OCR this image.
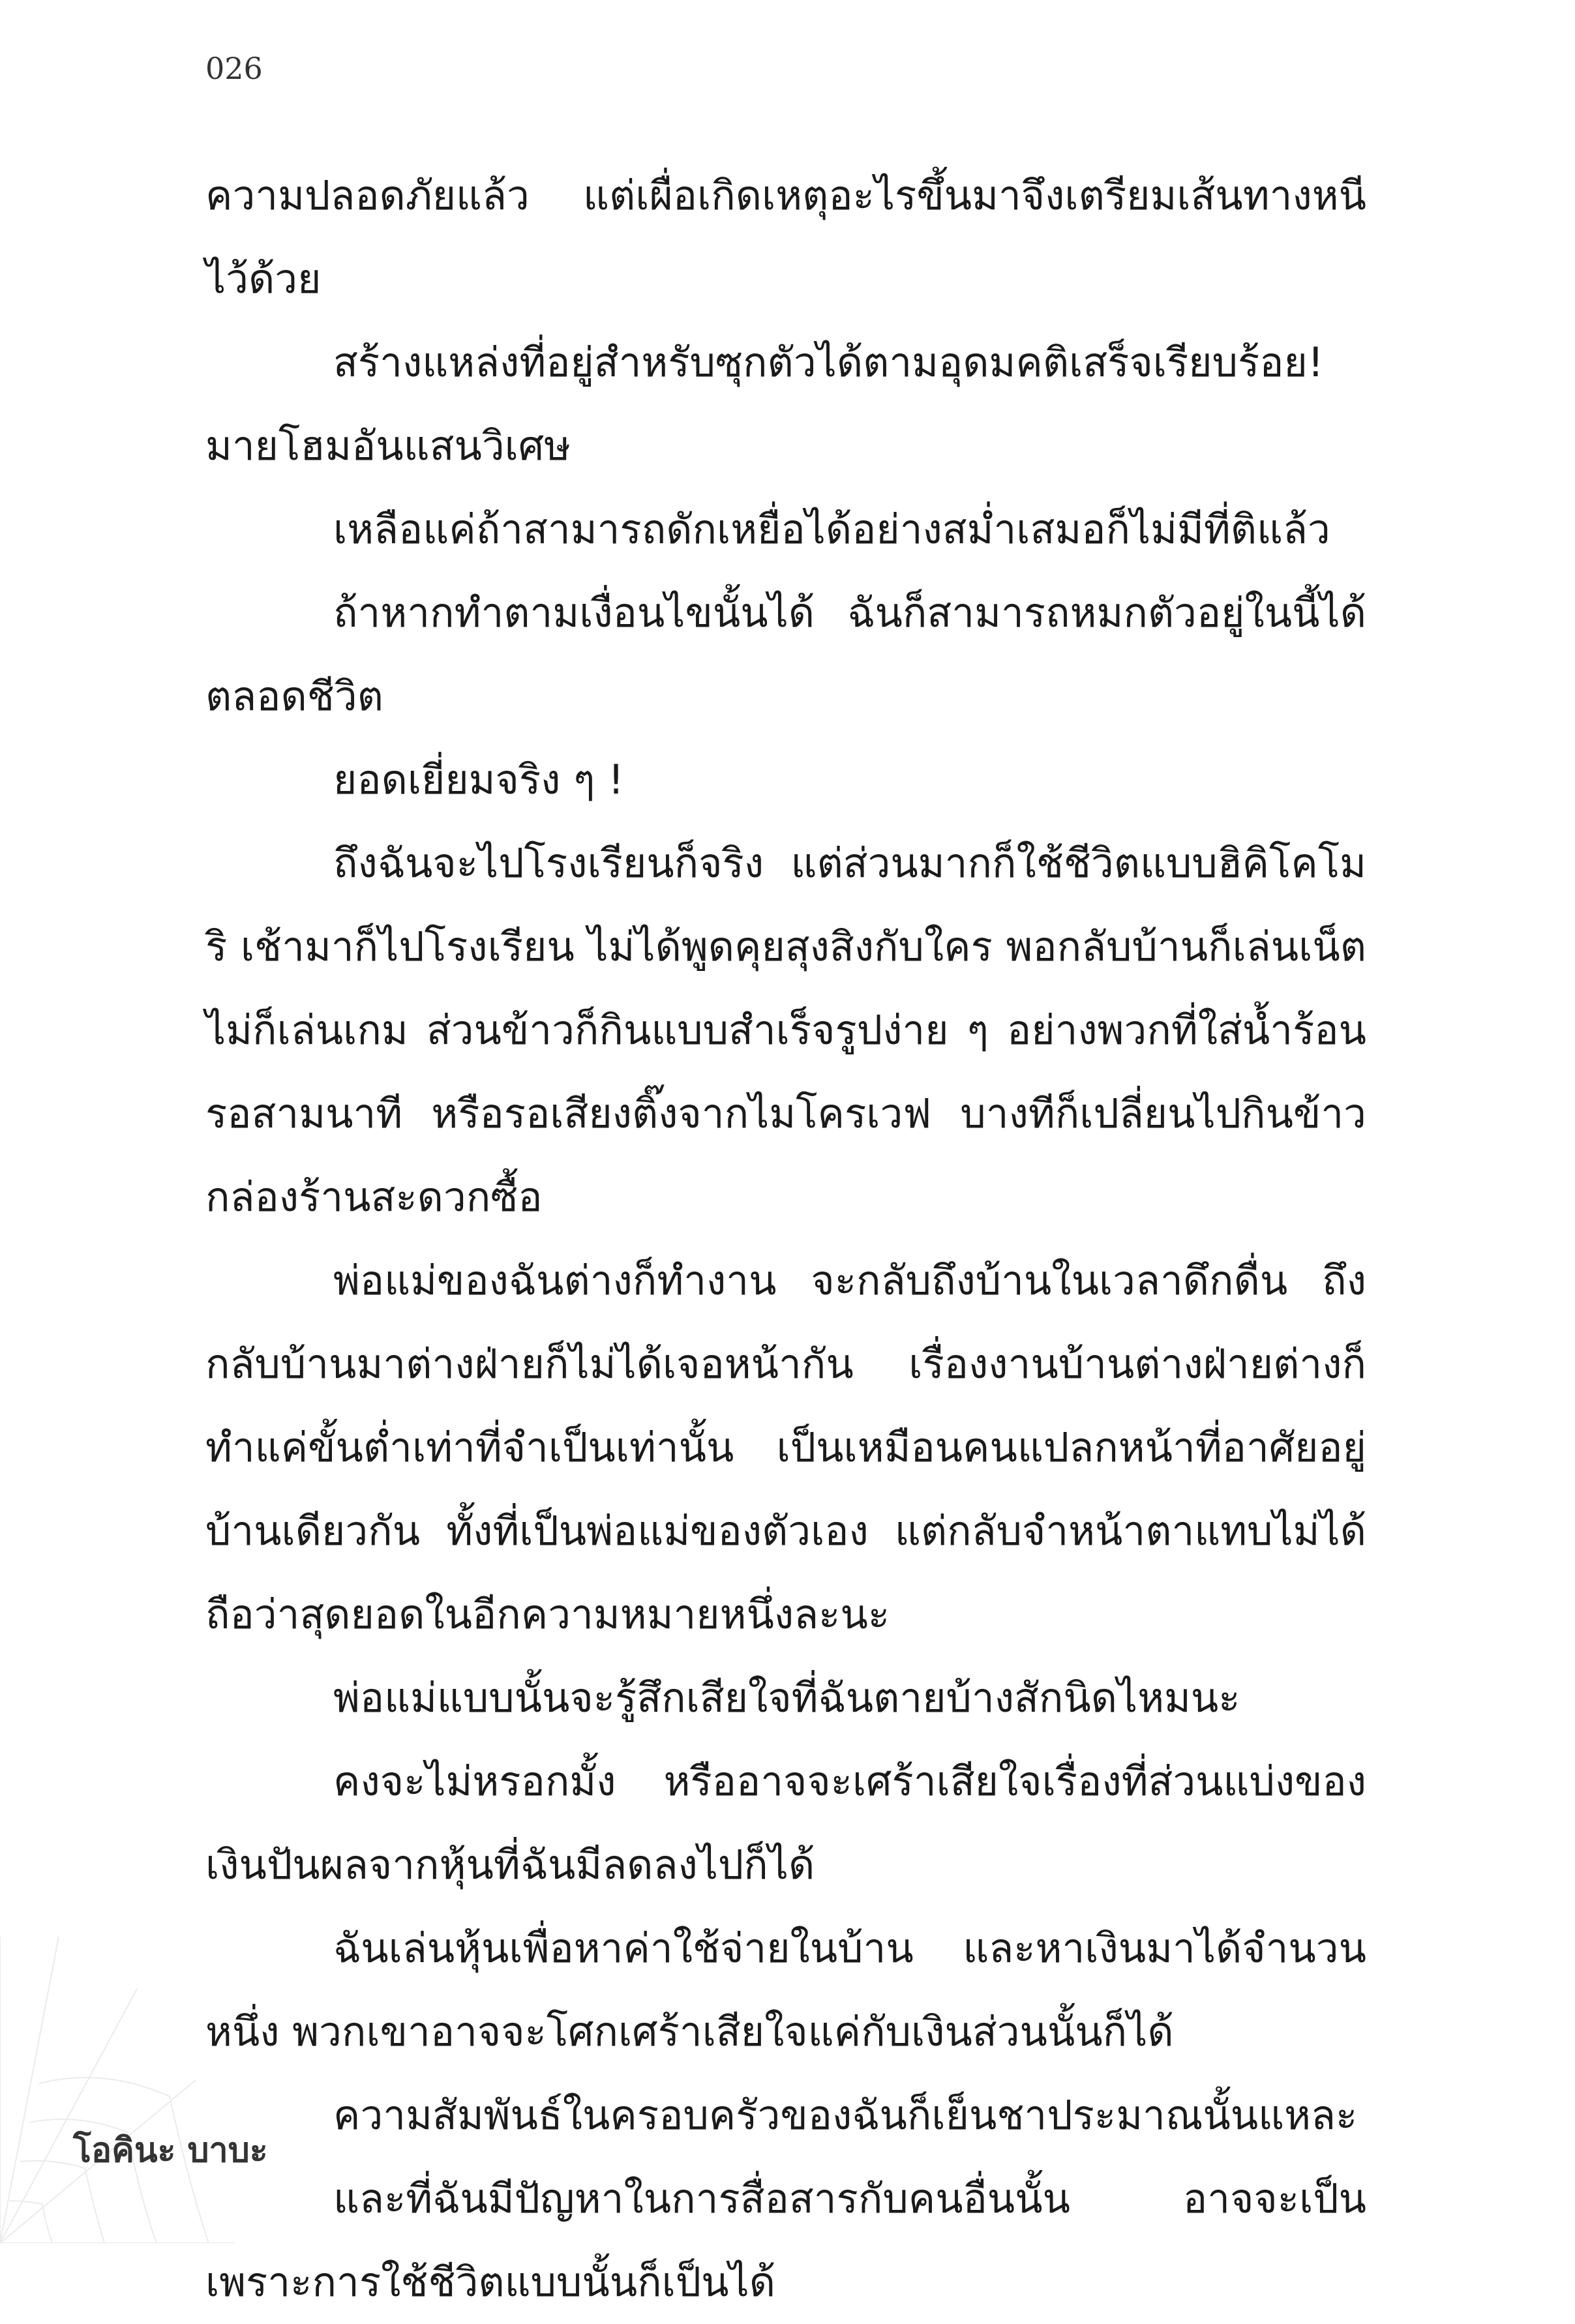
026

ความปลอดภัยแล้ว แต่เผื่อเกิดเหตุอะไรขึ้นมาจึงเตรียมเส้นทางหนีไว้ด้วย

สร้างแหล่งที่อยู่สำหรับซุกตัวได้ตามอุดมคติเสร็จเรียบร้อย! มายโฮมอันแสนวิเศษ

เหลือแค่ถ้าสามารถดักเหยื่อได้อย่างสม่ำเสมอก็ไม่มีที่ติแล้ว

ถ้าหากทำตามเงื่อนไขนั้นได้ ฉันก็สามารถหมกตัวอยู่ในนี้ได้ตลอดชีวิต

ยอดเยี่ยมจริง ๆ !

ถึงฉันจะไปโรงเรียนก็จริง แต่ส่วนมากก็ใช้ชีวิตแบบฮิคิโคโมริ เช้ามาก็ไปโรงเรียน ไม่ได้พูดคุยสุงสิงกับใคร พอกลับบ้านก็เล่นเน็ต ไม่ก็เล่นเกม ส่วนข้าวก็กินแบบสำเร็จรูปง่าย ๆ อย่างพวกที่ใส่น้ำร้อน รอสามนาที หรือรอเสียงติ๊งจากไมโครเวฟ บางทีก็เปลี่ยนไปกินข้าวกล่องร้านสะดวกซื้อ

พ่อแม่ของฉันต่างก็ทำงาน จะกลับถึงบ้านในเวลาดึกดื่น ถึงกลับบ้านมาต่างฝ่ายก็ไม่ได้เจอหน้ากัน เรื่องงานบ้านต่างฝ่ายต่างก็ทำแค่ขั้นต่ำเท่าที่จำเป็นเท่านั้น เป็นเหมือนคนแปลกหน้าที่อาศัยอยู่บ้านเดียวกัน ทั้งที่เป็นพ่อแม่ของตัวเอง แต่กลับจำหน้าตาแทบไม่ได้ ถือว่าสุดยอดในอีกความหมายหนึ่งละนะ

พ่อแม่แบบนั้นจะรู้สึกเสียใจที่ฉันตายบ้างสักนิดไหมนะ

คงจะไม่หรอกมั้ง หรืออาจจะเศร้าเสียใจเรื่องที่ส่วนแบ่งของเงินปันผลจากหุ้นที่ฉันมีลดลงไปก็ได้

ฉันเล่นหุ้นเพื่อหาค่าใช้จ่ายในบ้าน และหาเงินมาได้จำนวนหนึ่ง พวกเขาอาจจะโศกเศร้าเสียใจแค่กับเงินส่วนนั้นก็ได้

ความสัมพันธ์ในครอบครัวของฉันก็เย็นชาประมาณนั้นแหละ

และที่ฉันมีปัญหาในการสื่อสารกับคนอื่นนั้น อาจจะเป็นเพราะการใช้ชีวิตแบบนั้นก็เป็นได้

โอคินะ บาบะ
